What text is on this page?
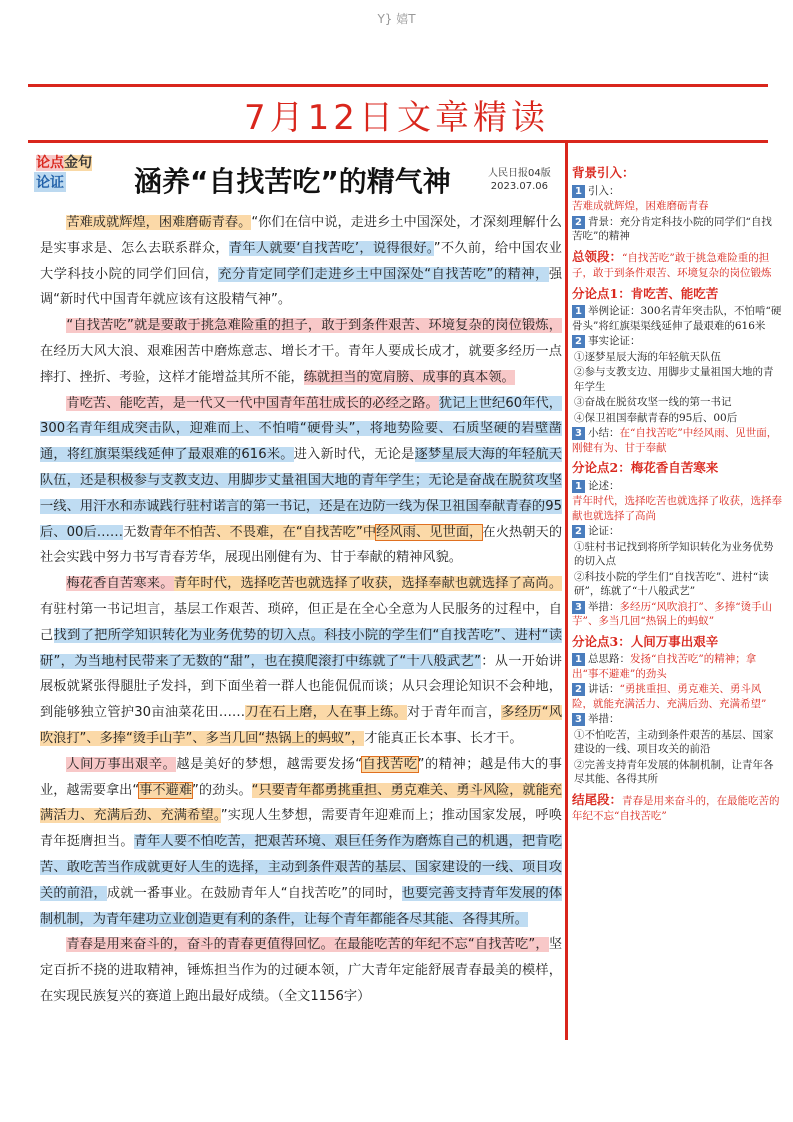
Y} 嬉T
7月12日文章精读
论点金句
论证	涵养“自找苦吃”的精气神	人民日报04版
2023.07.06

苦难成就辉煌，困难磨砺青春。“你们在信中说，走进乡土中国深处，才深刻理解什么是实事求是、怎么去联系群众，青年人就要‘自找苦吃’，说得很好。”不久前，给中国农业大学科技小院的同学们回信，充分肯定同学们走进乡土中国深处“自找苦吃”的精神，强调“新时代中国青年就应该有这股精气神”。

“自找苦吃”就是要敢于挑急难险重的担子，敢于到条件艰苦、环境复杂的岗位锻炼，在经历大风大浪、艰难困苦中磨炼意志、增长才干。青年人要成长成才，就要多经历一点摔打、挫折、考验，这样才能增益其所不能，练就担当的宽肩膀、成事的真本领。

肯吃苦、能吃苦，是一代又一代中国青年茁壮成长的必经之路。犹记上世纪60年代，300名青年组成突击队，迎难而上、不怕啃“硬骨头”，将地势险要、石质坚硬的岩壁凿通，将红旗渠渠线延伸了最艰难的616米。进入新时代，无论是逐梦星辰大海的年轻航天队伍，还是积极参与支教支边、用脚步丈量祖国大地的青年学生；无论是奋战在脱贫攻坚一线、用汗水和赤诚践行驻村诺言的第一书记，还是在边防一线为保卫祖国奉献青春的95后、00后……无数青年不怕苦、不畏难，在“自找苦吃”中经风雨、见世面，在火热朝天的社会实践中努力书写青春芳华，展现出刚健有为、甘于奉献的精神风貌。

梅花香自苦寒来。青年时代，选择吃苦也就选择了收获，选择奉献也就选择了高尚。有驻村第一书记坦言，基层工作艰苦、琐碎，但正是在全心全意为人民服务的过程中，自己找到了把所学知识转化为业务优势的切入点。科技小院的学生们“自找苦吃”、进村“读研”，为当地村民带来了无数的“甜”，也在摸爬滚打中练就了“十八般武艺”：从一开始讲展板就紧张得腿肚子发抖，到下面坐着一群人也能侃侃而谈；从只会理论知识不会种地，到能够独立管护30亩油菜花田……刀在石上磨，人在事上练。对于青年而言，多经历“风吹浪打”、多捧“烫手山芋”、多当几回“热锅上的蚂蚁”，才能真正长本事、长才干。

人间万事出艰辛。越是美好的梦想，越需要发扬“自找苦吃”的精神；越是伟大的事业，越需要拿出“事不避难”的劲头。“只要青年都勇挑重担、勇克难关、勇斗风险，就能充满活力、充满后劲、充满希望。”实现人生梦想，需要青年迎难而上；推动国家发展，呼唤青年挺膺担当。青年人要不怕吃苦，把艰苦环境、艰巨任务作为磨炼自己的机遇，把肯吃苦、敢吃苦当作成就更好人生的选择，主动到条件艰苦的基层、国家建设的一线、项目攻关的前沿，成就一番事业。在鼓励青年人“自找苦吃”的同时，也要完善支持青年发展的体制机制，为青年建功立业创造更有利的条件，让每个青年都能各尽其能、各得其所。

青春是用来奋斗的，奋斗的青春更值得回忆。在最能吃苦的年纪不忘“自找苦吃”，坚定百折不挠的进取精神，锤炼担当作为的过硬本领，广大青年定能舒展青春最美的模样，在实现民族复兴的赛道上跑出最好成绩。（全文1156字）

背景引入：
1 引入：
苦难成就辉煌，困难磨砺青春
2 背景：充分肯定科技小院的同学们“自找苦吃”的精神
总领段：“自找苦吃”敢于挑急难险重的担子，敢于到条件艰苦、环境复杂的岗位锻炼
分论点1：肯吃苦、能吃苦
1 举例论证：300名青年突击队，不怕啃“硬骨头”将红旗渠渠线延伸了最艰难的616米
2 事实论证：
①逐梦星辰大海的年轻航天队伍
②参与支教支边、用脚步丈量祖国大地的青年学生
③奋战在脱贫攻坚一线的第一书记
④保卫祖国奉献青春的95后、00后
3 小结：在“自找苦吃”中经风雨、见世面，刚健有为、甘于奉献
分论点2：梅花香自苦寒来
1 论述：
青年时代，选择吃苦也就选择了收获，选择奉献也就选择了高尚
2 论证：
①驻村书记找到将所学知识转化为业务优势的切入点
②科技小院的学生们“自找苦吃”、进村“读研”，练就了“十八般武艺”
3 举措：多经历“风吹浪打”、多捧“烫手山芋”、多当几回“热锅上的蚂蚁”
分论点3：人间万事出艰辛
1 总思路：发扬“自找苦吃”的精神；拿出“事不避难”的劲头
2 讲话：“勇挑重担、勇克难关、勇斗风险，就能充满活力、充满后劲、充满希望”
3 举措：
①不怕吃苦，主动到条件艰苦的基层、国家建设的一线、项目攻关的前沿
②完善支持青年发展的体制机制，让青年各尽其能、各得其所
结尾段：青春是用来奋斗的，在最能吃苦的年纪不忘“自找苦吃”
